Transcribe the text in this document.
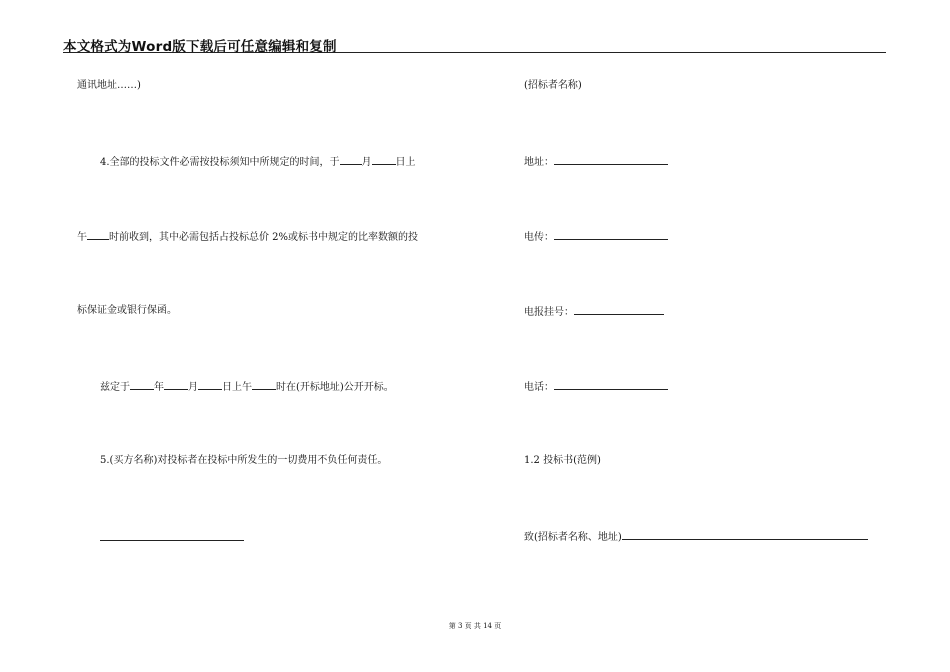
本文格式为Word版下载后可任意编辑和复制
通讯地址……)
4.全部的投标文件必需按投标须知中所规定的时间，于 月 日上
午 时前收到，其中必需包括占投标总价 2%或标书中规定的比率数额的投
标保证金或银行保函。
兹定于 年 月 日上午 时在(开标地址)公开开标。
5.(买方名称)对投标者在投标中所发生的一切费用不负任何责任。
(招标者名称)
地址：
电传：
电报挂号：
电话：
1.2 投标书(范例)
致(招标者名称、地址)
第 3 页 共 14 页
